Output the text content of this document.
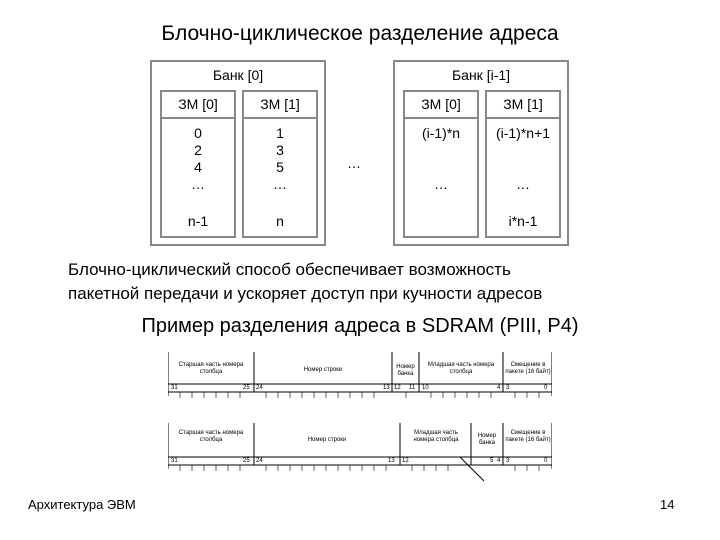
Блочно-циклическое разделение адреса
Банк [0]
ЗМ [0]
0
2
4
…
n-1
ЗМ [1]
1
3
5
…
n
…
Банк [i-1]
ЗМ [0]
(i-1)*n
…
ЗМ [1]
(i-1)*n+1
…
i*n-1
Блочно-циклический способ обеспечивает возможность
пакетной передачи и ускоряет доступ при кучности адресов
Пример разделения адреса в SDRAM (PIII, P4)
Старшая часть номера столбца	Номер строки	Номер банка
Младшая часть номера столбца
Смещение в пакете (16 байт)
31	25 24	13 12 11 10	4 3	0
Старшая часть номера столбца	Номер строки
Младшая часть номера столбца
Номер банка
Смещение в пакете (16 байт)
31	25 24	13 12	5 4 3	0
Архитектура ЭВМ	14
